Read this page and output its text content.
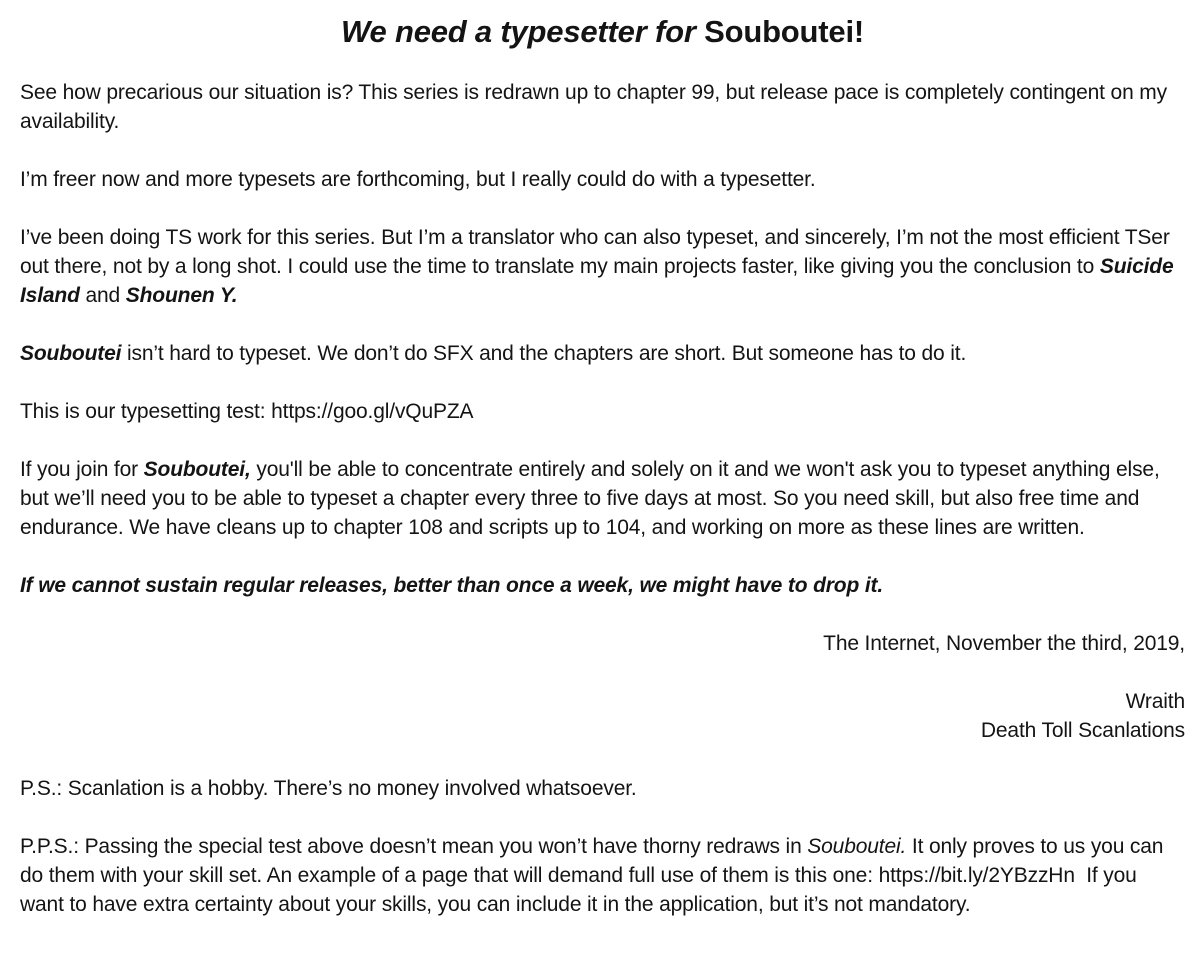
We need a typesetter for Souboutei!

See how precarious our situation is? This series is redrawn up to chapter 99, but release pace is completely contingent on my availability.

I’m freer now and more typesets are forthcoming, but I really could do with a typesetter.

I’ve been doing TS work for this series. But I’m a translator who can also typeset, and sincerely, I’m not the most efficient TSer out there, not by a long shot. I could use the time to translate my main projects faster, like giving you the conclusion to Suicide Island and Shounen Y.

Souboutei isn’t hard to typeset. We don’t do SFX and the chapters are short. But someone has to do it.

This is our typesetting test: https://goo.gl/vQuPZA

If you join for Souboutei, you'll be able to concentrate entirely and solely on it and we won't ask you to typeset anything else, but we’ll need you to be able to typeset a chapter every three to five days at most. So you need skill, but also free time and endurance. We have cleans up to chapter 108 and scripts up to 104, and working on more as these lines are written.

If we cannot sustain regular releases, better than once a week, we might have to drop it.

The Internet, November the third, 2019,

Wraith
Death Toll Scanlations

P.S.: Scanlation is a hobby. There’s no money involved whatsoever.

P.P.S.: Passing the special test above doesn’t mean you won’t have thorny redraws in Souboutei. It only proves to us you can do them with your skill set. An example of a page that will demand full use of them is this one: https://bit.ly/2YBzzHn  If you want to have extra certainty about your skills, you can include it in the application, but it’s not mandatory.
